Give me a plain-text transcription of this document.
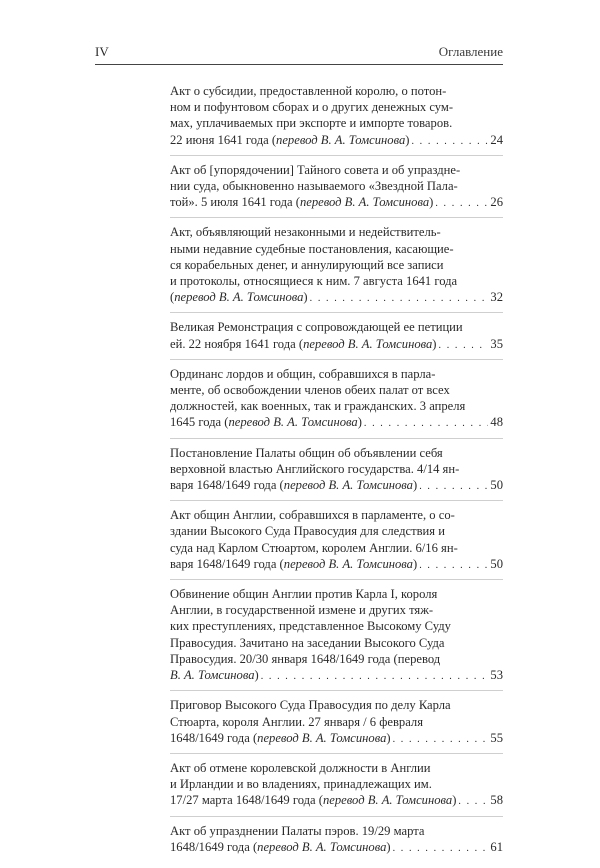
IV	Оглавление
Акт о субсидии, предоставленной королю, о потон-
ном и пофунтовом сборах и о других денежных сум-
мах, уплачиваемых при экспорте и импорте товаров.
22 июня 1641 года (перевод В. А. Томсинова) . . .	24
Акт об [упорядочении] Тайного совета и об упраздне-
нии суда, обыкновенно называемого «Звездной Пала-
той». 5 июля 1641 года (перевод В. А. Томсинова) . . .	26
Акт, объявляющий незаконными и недействитель-
ными недавние судебные постановления, касающие-
ся корабельных денег, и аннулирующий все записи
и протоколы, относящиеся к ним. 7 августа 1641 года
(перевод В. А. Томсинова) . . .	32
Великая Ремонстрация с сопровождающей ее петиции
ей. 22 ноября 1641 года (перевод В. А. Томсинова) . . .	35
Ординанс лордов и общин, собравшихся в парла-
менте, об освобождении членов обеих палат от всех
должностей, как военных, так и гражданских. 3 апреля
1645 года (перевод В. А. Томсинова) . . .	48
Постановление Палаты общин об объявлении себя
верховной властью Английского государства. 4/14 ян-
варя 1648/1649 года (перевод В. А. Томсинова) . . .	50
Акт общин Англии, собравшихся в парламенте, о со-
здании Высокого Суда Правосудия для следствия и
суда над Карлом Стюартом, королем Англии. 6/16 ян-
варя 1648/1649 года (перевод В. А. Томсинова) . . .	50
Обвинение общин Англии против Карла I, короля
Англии, в государственной измене и других тяж-
ких преступлениях, представленное Высокому Суду
Правосудия. Зачитано на заседании Высокого Суда
Правосудия. 20/30 января 1648/1649 года (перевод
В. А. Томсинова) . . .	53
Приговор Высокого Суда Правосудия по делу Карла
Стюарта, короля Англии. 27 января / 6 февраля
1648/1649 года (перевод В. А. Томсинова) . . .	55
Акт об отмене королевской должности в Англии
и Ирландии и во владениях, принадлежащих им.
17/27 марта 1648/1649 года (перевод В. А. Томсинова) . . .	58
Акт об упразднении Палаты пэров. 19/29 марта
1648/1649 года (перевод В. А. Томсинова) . . .	61
